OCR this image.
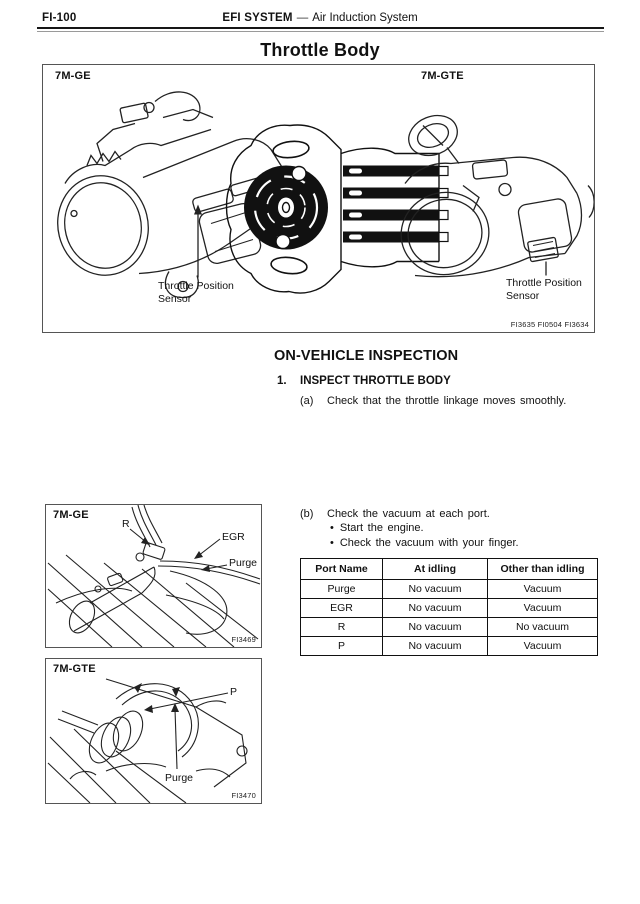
FI-100	EFI SYSTEM — Air Induction System
Throttle Body
7M-GE	7M-GTE
Throttle Position Sensor
Throttle Position Sensor
FI3635 FI0504 FI3634
ON-VEHICLE INSPECTION
1. INSPECT THROTTLE BODY
(a) Check that the throttle linkage moves smoothly.
(b) Check the vacuum at each port.
• Start the engine.
• Check the vacuum with your finger.
Port Name	At idling	Other than idling
Purge	No vacuum	Vacuum
EGR	No vacuum	Vacuum
R	No vacuum	No vacuum
P	No vacuum	Vacuum
7M-GE
R
EGR
Purge
FI3469
7M-GTE
P
Purge
FI3470
